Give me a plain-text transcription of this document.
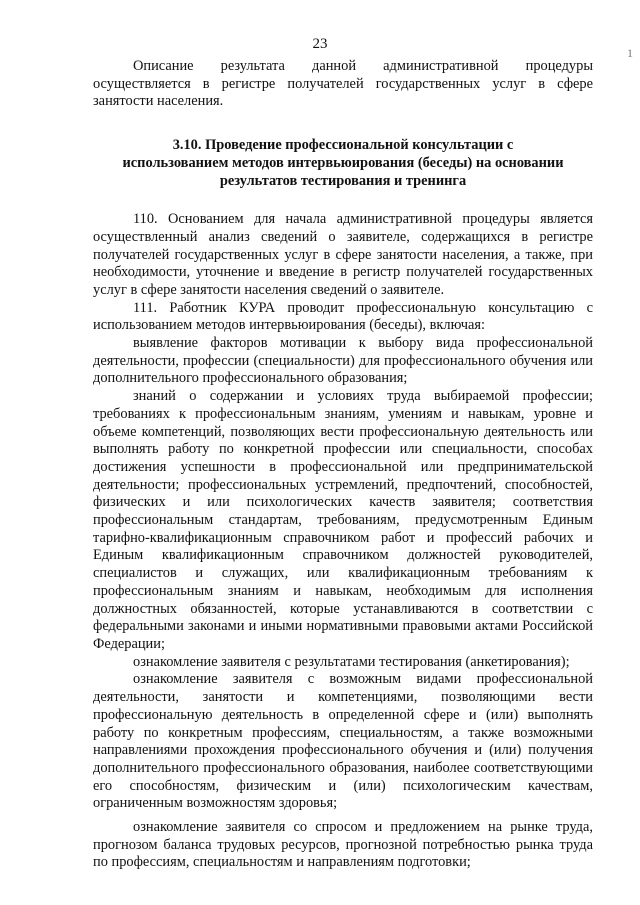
23
1

Описание результата данной административной процедуры осуществляется в регистре получателей государственных услуг в сфере занятости населения.

3.10. Проведение профессиональной консультации с
использованием методов интервьюирования (беседы) на основании
результатов тестирования и тренинга

110. Основанием для начала административной процедуры является осуществленный анализ сведений о заявителе, содержащихся в регистре получателей государственных услуг в сфере занятости населения, а также, при необходимости, уточнение и введение в регистр получателей государственных услуг в сфере занятости населения сведений о заявителе.

111. Работник КУРА проводит профессиональную консультацию с использованием методов интервьюирования (беседы), включая:

выявление факторов мотивации к выбору вида профессиональной деятельности, профессии (специальности) для профессионального обучения или дополнительного профессионального образования;

знаний о содержании и условиях труда выбираемой профессии; требованиях к профессиональным знаниям, умениям и навыкам, уровне и объеме компетенций, позволяющих вести профессиональную деятельность или выполнять работу по конкретной профессии или специальности, способах достижения успешности в профессиональной или предпринимательской деятельности; профессиональных устремлений, предпочтений, способностей, физических и или психологических качеств заявителя; соответствия профессиональным стандартам, требованиям, предусмотренным Единым тарифно-квалификационным справочником работ и профессий рабочих и Единым квалификационным справочником должностей руководителей, специалистов и служащих, или квалификационным требованиям к профессиональным знаниям и навыкам, необходимым для исполнения должностных обязанностей, которые устанавливаются в соответствии с федеральными законами и иными нормативными правовыми актами Российской Федерации;

ознакомление заявителя с результатами тестирования (анкетирования);

ознакомление заявителя с возможным видами профессиональной деятельности, занятости и компетенциями, позволяющими вести профессиональную деятельность в определенной сфере и (или) выполнять работу по конкретным профессиям, специальностям, а также возможными направлениями прохождения профессионального обучения и (или) получения дополнительного профессионального образования, наиболее соответствующими его способностям, физическим и (или) психологическим качествам, ограниченным возможностям здоровья;

ознакомление заявителя со спросом и предложением на рынке труда, прогнозом баланса трудовых ресурсов, прогнозной потребностью рынка труда по профессиям, специальностям и направлениям подготовки;
